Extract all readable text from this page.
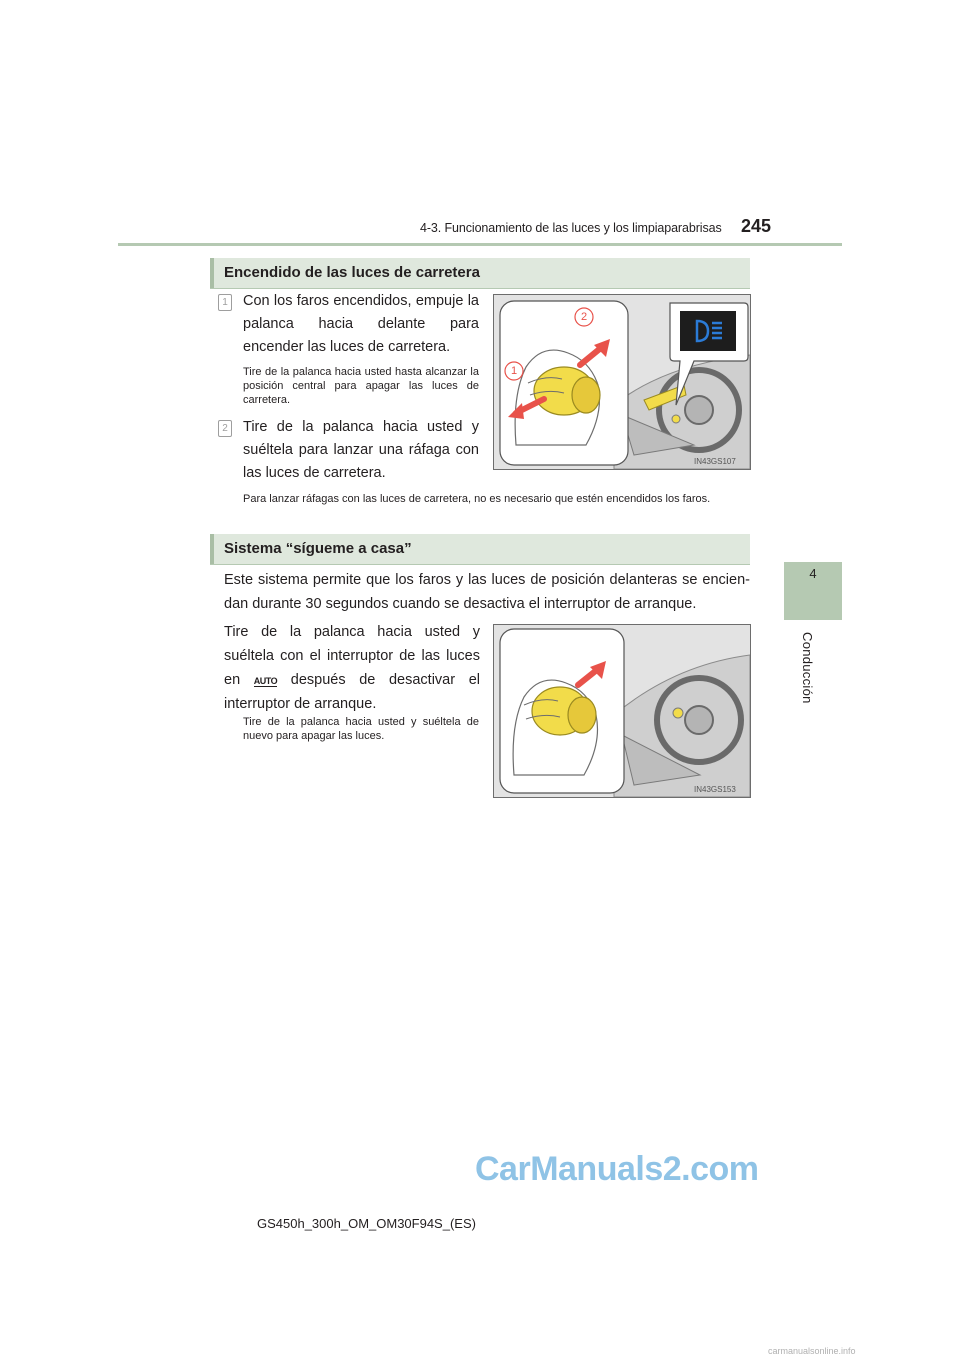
4-3. Funcionamiento de las luces y los limpiaparabrisas 245
4
Conducción
Encendido de las luces de carretera
1 Con los faros encendidos, empuje la palanca hacia delante para encender las luces de carretera.
Tire de la palanca hacia usted hasta alcanzar la posición central para apagar las luces de carretera.
2 Tire de la palanca hacia usted y suéltela para lanzar una ráfaga con las luces de carretera.
Para lanzar ráfagas con las luces de carretera, no es necesario que estén encendidos los faros.
1
2
IN43GS107
Sistema “sígueme a casa”
Este sistema permite que los faros y las luces de posición delanteras se encien-dan durante 30 segundos cuando se desactiva el interruptor de arranque.
Tire de la palanca hacia usted y suéltela con el interruptor de las luces en AUTO después de desactivar el interruptor de arranque.
Tire de la palanca hacia usted y suéltela de nuevo para apagar las luces.
IN43GS153
GS450h_300h_OM_OM30F94S_(ES)
CarManuals2.com
carmanualsonline.info
